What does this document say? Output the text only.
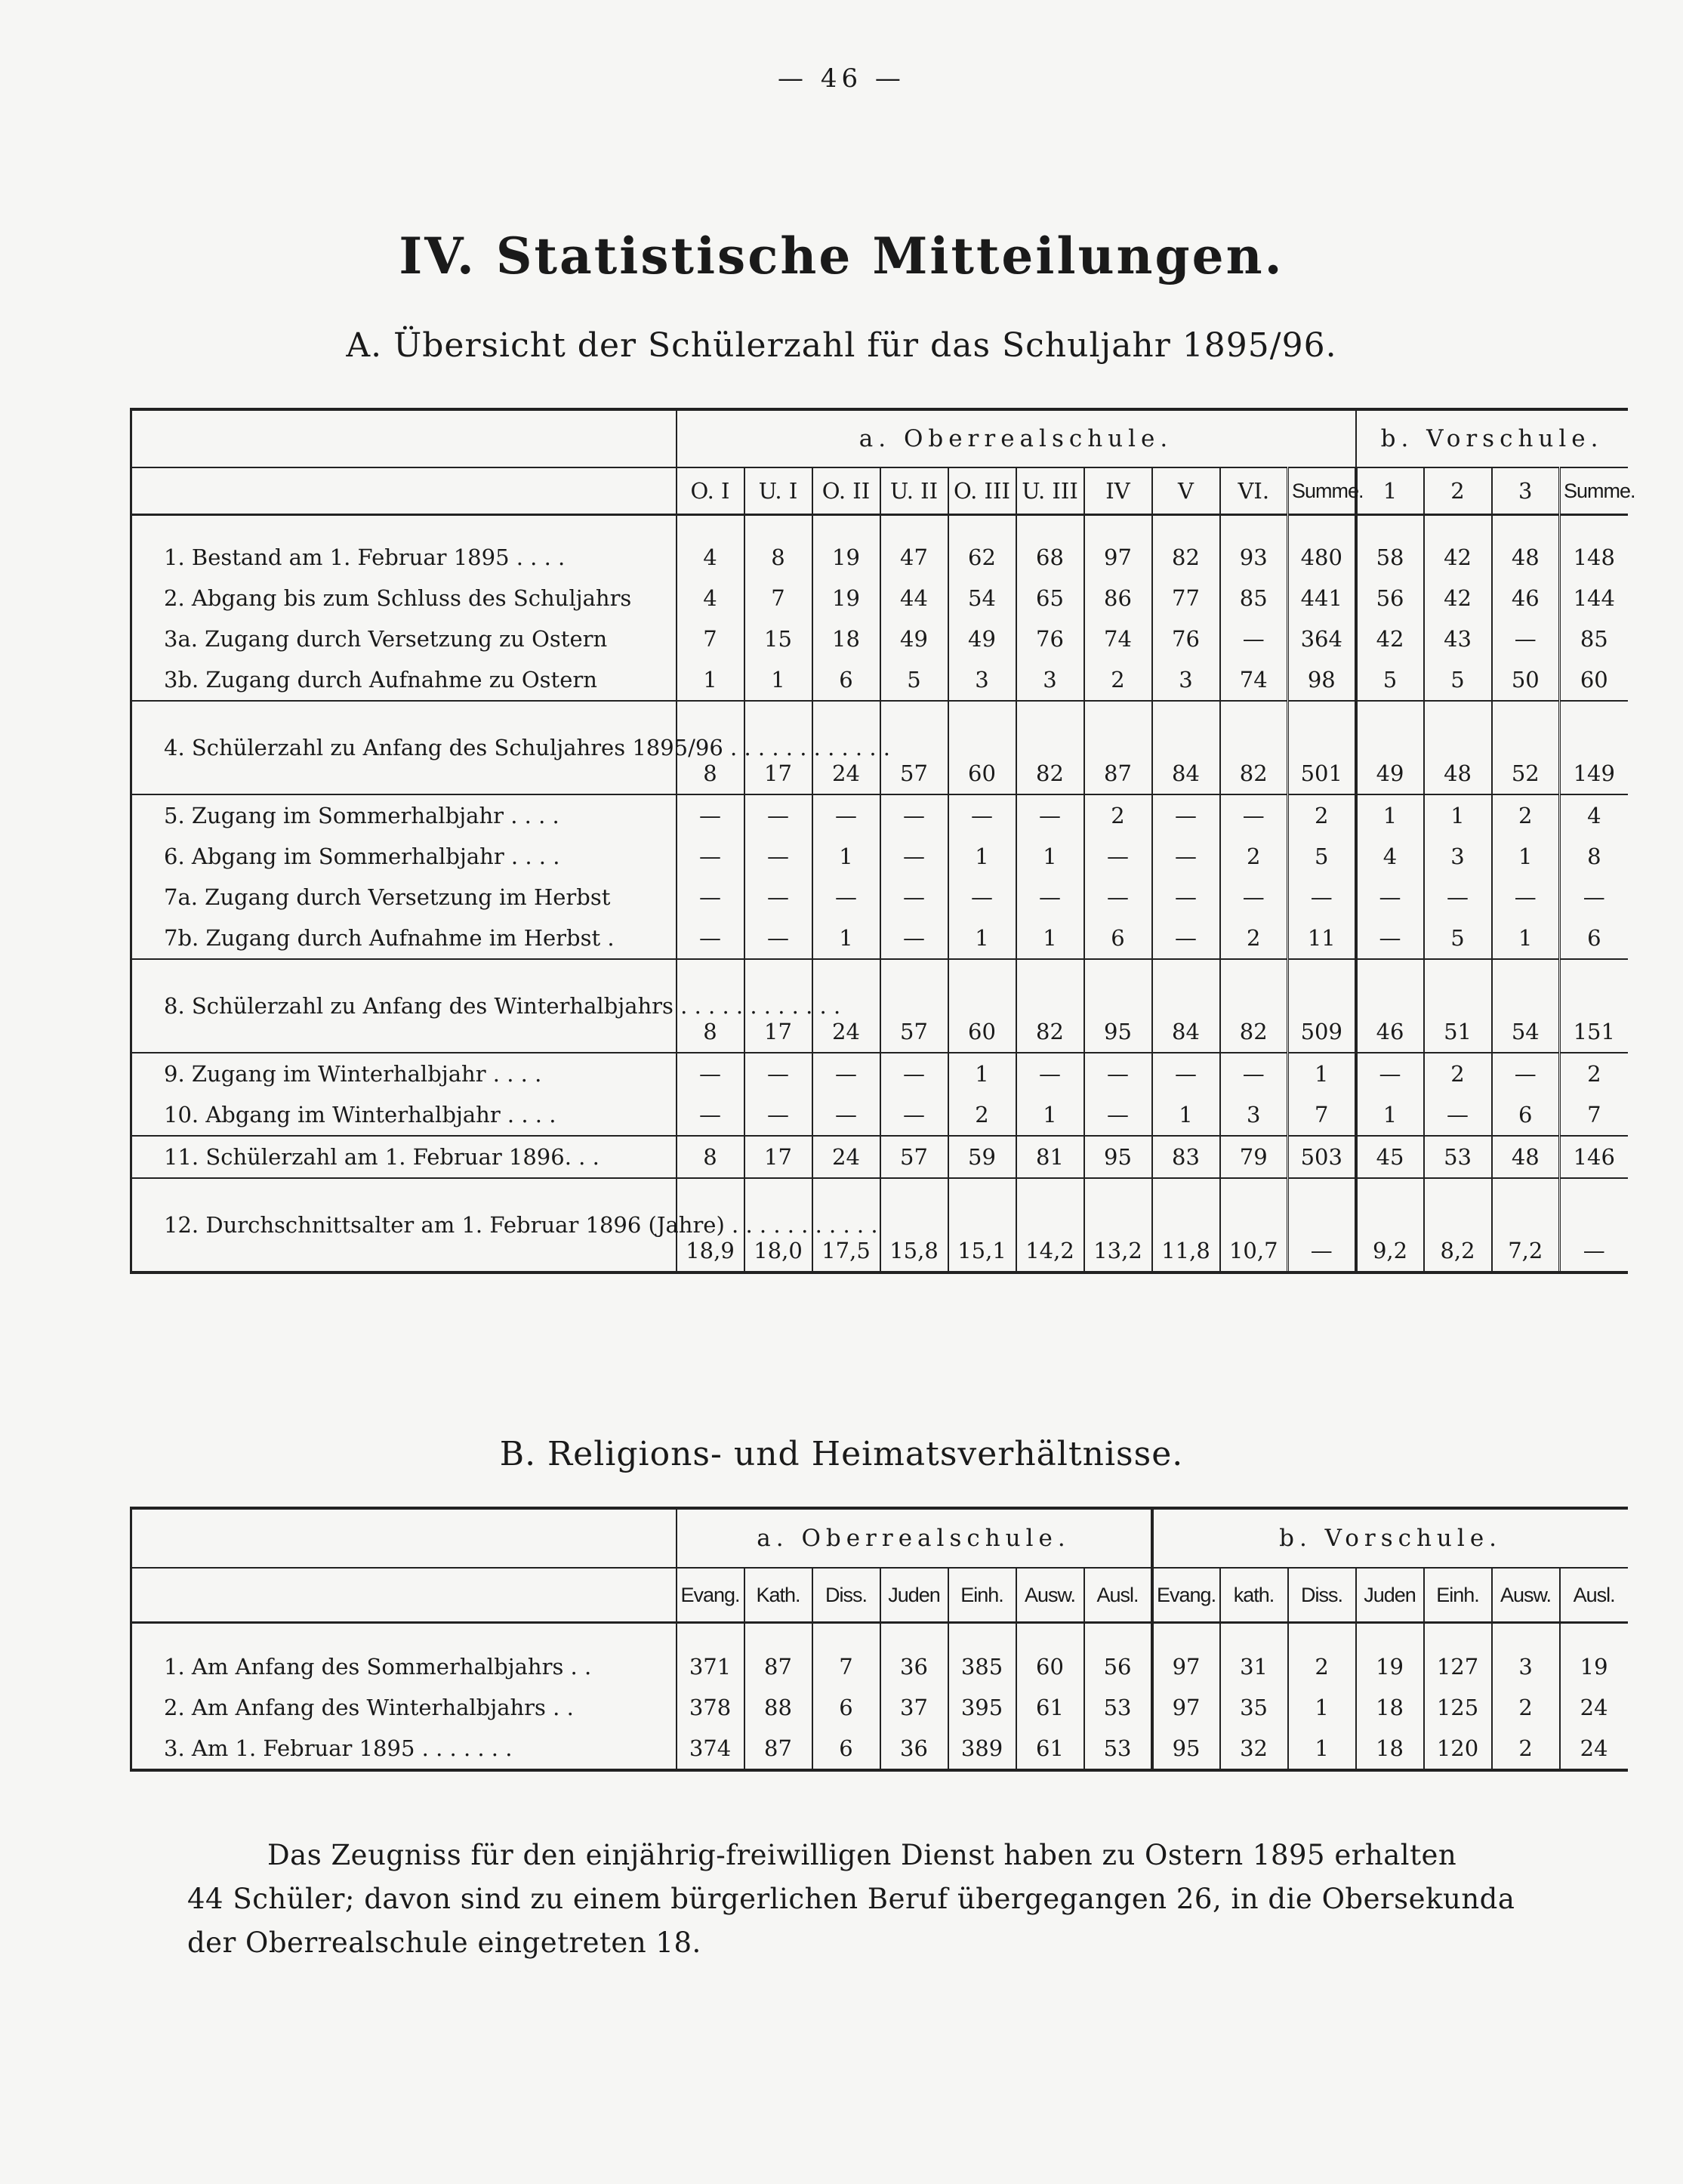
— 46 —
IV. Statistische Mitteilungen.
A. Übersicht der Schülerzahl für das Schuljahr 1895/96.
	a. Oberrealschule.										b. Vorschule.			
	O. I	U. I	O. II	U. II	O. III	U. III	IV	V	VI.	Summe.	1	2	3	Summe.

1. Bestand am 1. Februar 1895 . . . .	4	8	19	47	62	68	97	82	93	480	58	42	48	148
2. Abgang bis zum Schluss des Schuljahrs	4	7	19	44	54	65	86	77	85	441	56	42	46	144
3a. Zugang durch Versetzung zu Ostern	7	15	18	49	49	76	74	76	—	364	42	43	—	85
3b. Zugang durch Aufnahme zu Ostern	1	1	6	5	3	3	2	3	74	98	5	5	50	60
4. Schülerzahl zu Anfang des Schuljahres 1895/96 . . . . . . . . . . . .	8	17	24	57	60	82	87	84	82	501	49	48	52	149
5. Zugang im Sommerhalbjahr . . . .	—	—	—	—	—	—	2	—	—	2	1	1	2	4
6. Abgang im Sommerhalbjahr . . . .	—	—	1	—	1	1	—	—	2	5	4	3	1	8
7a. Zugang durch Versetzung im Herbst	—	—	—	—	—	—	—	—	—	—	—	—	—	—
7b. Zugang durch Aufnahme im Herbst .	—	—	1	—	1	1	6	—	2	11	—	5	1	6
8. Schülerzahl zu Anfang des Winterhalbjahrs . . . . . . . . . . . .	8	17	24	57	60	82	95	84	82	509	46	51	54	151
9. Zugang im Winterhalbjahr . . . .	—	—	—	—	1	—	—	—	—	1	—	2	—	2
10. Abgang im Winterhalbjahr . . . .	—	—	—	—	2	1	—	1	3	7	1	—	6	7
11. Schülerzahl am 1. Februar 1896. . .	8	17	24	57	59	81	95	83	79	503	45	53	48	146
12. Durchschnittsalter am 1. Februar 1896 (Jahre) . . . . . . . . . . .	18,9	18,0	17,5	15,8	15,1	14,2	13,2	11,8	10,7	—	9,2	8,2	7,2	—
B. Religions- und Heimatsverhältnisse.
	a. Oberrealschule.							b. Vorschule.						
	Evang.	Kath.	Diss.	Juden	Einh.	Ausw.	Ausl.	Evang.	kath.	Diss.	Juden	Einh.	Ausw.	Ausl.

1. Am Anfang des Sommerhalbjahrs . .	371	87	7	36	385	60	56	97	31	2	19	127	3	19
2. Am Anfang des Winterhalbjahrs . .	378	88	6	37	395	61	53	97	35	1	18	125	2	24
3. Am 1. Februar 1895 . . . . . . .	374	87	6	36	389	61	53	95	32	1	18	120	2	24
Das Zeugniss für den einjährig-freiwilligen Dienst haben zu Ostern 1895 erhalten
44 Schüler; davon sind zu einem bürgerlichen Beruf übergegangen 26, in die Obersekunda
der Oberrealschule eingetreten 18.
